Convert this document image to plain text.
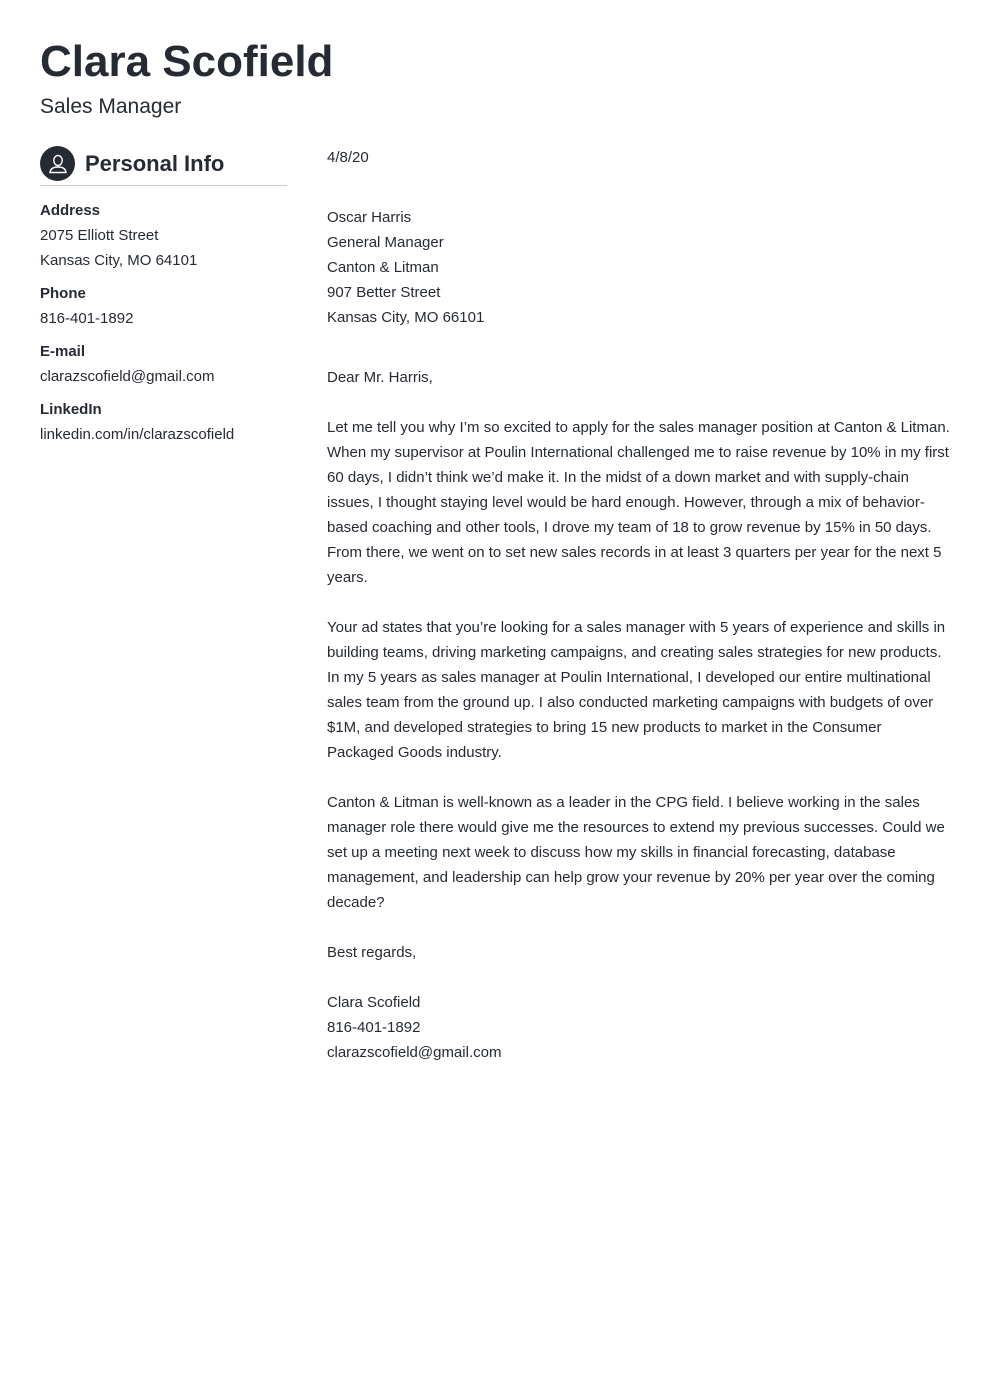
Clara Scofield
Sales Manager
Personal Info
Address
2075 Elliott Street
Kansas City, MO 64101
Phone
816-401-1892
E-mail
clarazscofield@gmail.com
LinkedIn
linkedin.com/in/clarazscofield
4/8/20
Oscar Harris
General Manager
Canton & Litman
907 Better Street
Kansas City, MO 66101
Dear Mr. Harris,
Let me tell you why I’m so excited to apply for the sales manager position at Canton & Litman.
When my supervisor at Poulin International challenged me to raise revenue by 10% in my first
60 days, I didn’t think we’d make it. In the midst of a down market and with supply-chain
issues, I thought staying level would be hard enough. However, through a mix of behavior-
based coaching and other tools, I drove my team of 18 to grow revenue by 15% in 50 days.
From there, we went on to set new sales records in at least 3 quarters per year for the next 5
years.
Your ad states that you’re looking for a sales manager with 5 years of experience and skills in
building teams, driving marketing campaigns, and creating sales strategies for new products.
In my 5 years as sales manager at Poulin International, I developed our entire multinational
sales team from the ground up. I also conducted marketing campaigns with budgets of over
$1M, and developed strategies to bring 15 new products to market in the Consumer
Packaged Goods industry.
Canton & Litman is well-known as a leader in the CPG field. I believe working in the sales
manager role there would give me the resources to extend my previous successes. Could we
set up a meeting next week to discuss how my skills in financial forecasting, database
management, and leadership can help grow your revenue by 20% per year over the coming
decade?
Best regards,
Clara Scofield
816-401-1892
clarazscofield@gmail.com
